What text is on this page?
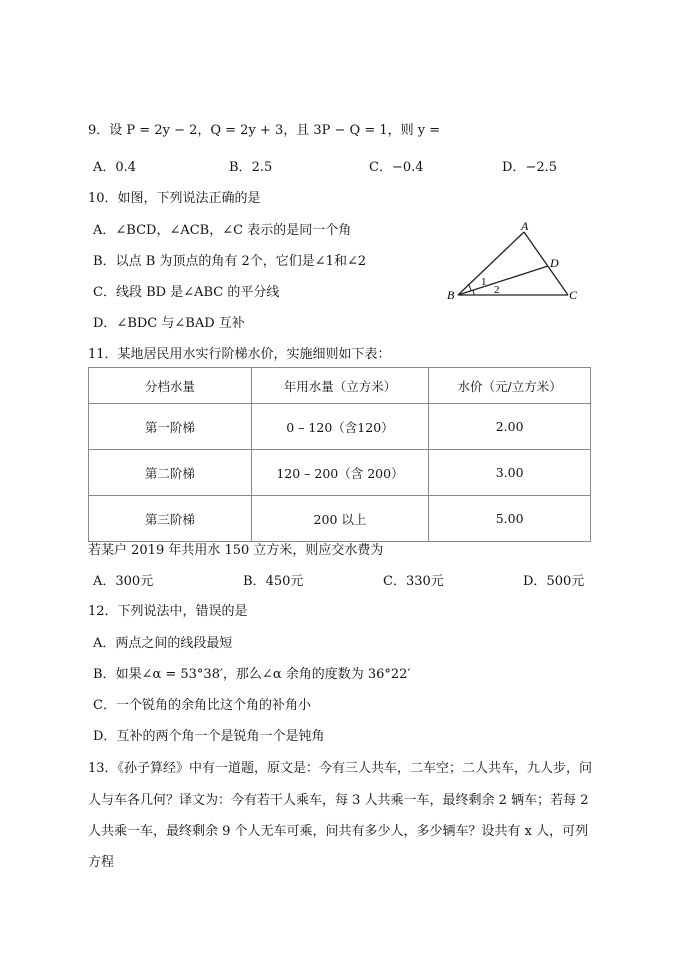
9．设 P = 2y − 2，Q = 2y + 3，且 3P − Q = 1，则 y =
A．0.4	B．2.5	C．−0.4	D．−2.5
10．如图，下列说法正确的是
A．∠BCD，∠ACB，∠C 表示的是同一个角
B．以点 B 为顶点的角有 2个，它们是∠1和∠2
C．线段 BD 是∠ABC 的平分线
D．∠BDC 与∠BAD 互补
A
B	C
D
1
2
11．某地居民用水实行阶梯水价，实施细则如下表：
分档水量	年用水量（立方米）	水价（元/立方米）
第一阶梯	0 – 120（含120）	2.00
第二阶梯	120 – 200（含 200）	3.00
第三阶梯	200 以上	5.00
若某户 2019 年共用水 150 立方米，则应交水费为
A．300元	B．450元	C．330元	D．500元
12．下列说法中，错误的是
A．两点之间的线段最短
B．如果∠α = 53°38′，那么∠α 余角的度数为 36°22′
C．一个锐角的余角比这个角的补角小
D．互补的两个角一个是锐角一个是钝角
13．《孙子算经》中有一道题，原文是：今有三人共车，二车空；二人共车，九人步，问
人与车各几何？译文为：今有若干人乘车，每 3 人共乘一车，最终剩余 2 辆车；若每 2
人共乘一车，最终剩余 9 个人无车可乘，问共有多少人，多少辆车？设共有 x 人，可列
方程
